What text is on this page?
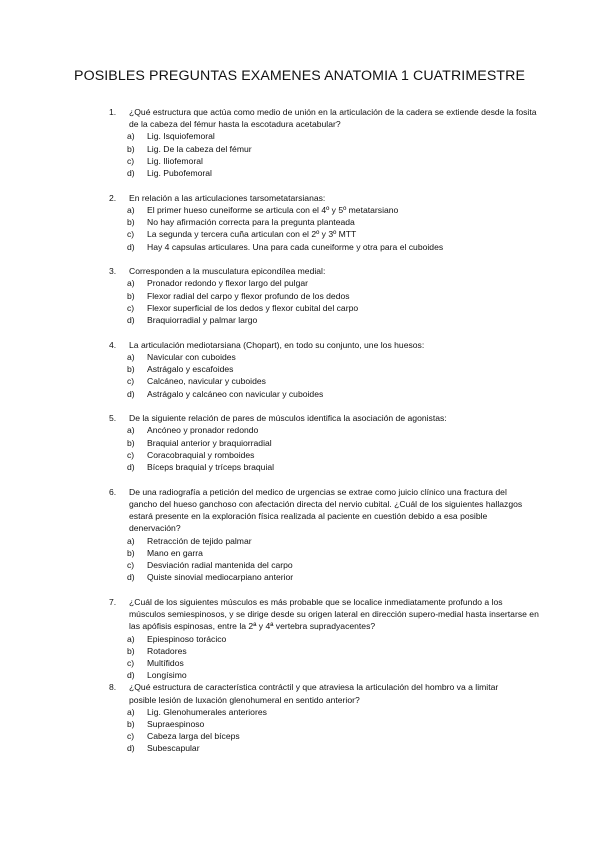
POSIBLES PREGUNTAS EXAMENES ANATOMIA 1 CUATRIMESTRE
1.	¿Qué estructura que actúa como medio de unión en la articulación de la cadera se extiende desde la fosita de la cabeza del fémur hasta la escotadura acetabular?
a)	Lig. Isquiofemoral
b)	Lig. De la cabeza del fémur
c)	Lig. Iliofemoral
d)	Lig. Pubofemoral
2.	En relación a las articulaciones tarsometatarsianas:
a)	El primer hueso cuneiforme se articula con el 4º y 5º metatarsiano
b)	No hay afirmación correcta para la pregunta planteada
c)	La segunda y tercera cuña articulan con el 2º y 3º MTT
d)	Hay 4 capsulas articulares. Una para cada cuneiforme y otra para el cuboides
3.	Corresponden a la musculatura epicondílea medial:
a)	Pronador redondo y flexor largo del pulgar
b)	Flexor radial del carpo y flexor profundo de los dedos
c)	Flexor superficial de los dedos y flexor cubital del carpo
d)	Braquiorradial y palmar largo
4.	La articulación mediotarsiana (Chopart), en todo su conjunto, une los huesos:
a)	Navicular con cuboides
b)	Astrágalo y escafoides
c)	Calcáneo, navicular y cuboides
d)	Astrágalo y calcáneo con navicular y cuboides
5.	De la siguiente relación de pares de músculos identifica la asociación de agonistas:
a)	Ancóneo y pronador redondo
b)	Braquial anterior y braquiorradial
c)	Coracobraquial y romboides
d)	Bíceps braquial y tríceps braquial
6.	De una radiografía a petición del medico de urgencias se extrae como juicio clínico una fractura del
gancho del hueso ganchoso con afectación directa del nervio cubital. ¿Cuál de los siguientes hallazgos estará presente en la exploración física realizada al paciente en cuestión debido a esa posible denervación?
a)	Retracción de tejido palmar
b)	Mano en garra
c)	Desviación radial mantenida del carpo
d)	Quiste sinovial mediocarpiano anterior
7.	¿Cuál de los siguientes músculos es más probable que se localice inmediatamente profundo a los
músculos semiespinosos, y se dirige desde su origen lateral en dirección supero-medial hasta insertarse en las apófisis espinosas, entre la 2ª y 4ª vertebra supradyacentes?
a)	Epiespinoso torácico
b)	Rotadores
c)	Multífidos
d)	Longísimo
8.	¿Qué estructura de característica contráctil y que atraviesa la articulación del hombro va a limitar
posible lesión de luxación glenohumeral en sentido anterior?
a)	Lig. Glenohumerales anteriores
b)	Supraespinoso
c)	Cabeza larga del bíceps
d)	Subescapular
